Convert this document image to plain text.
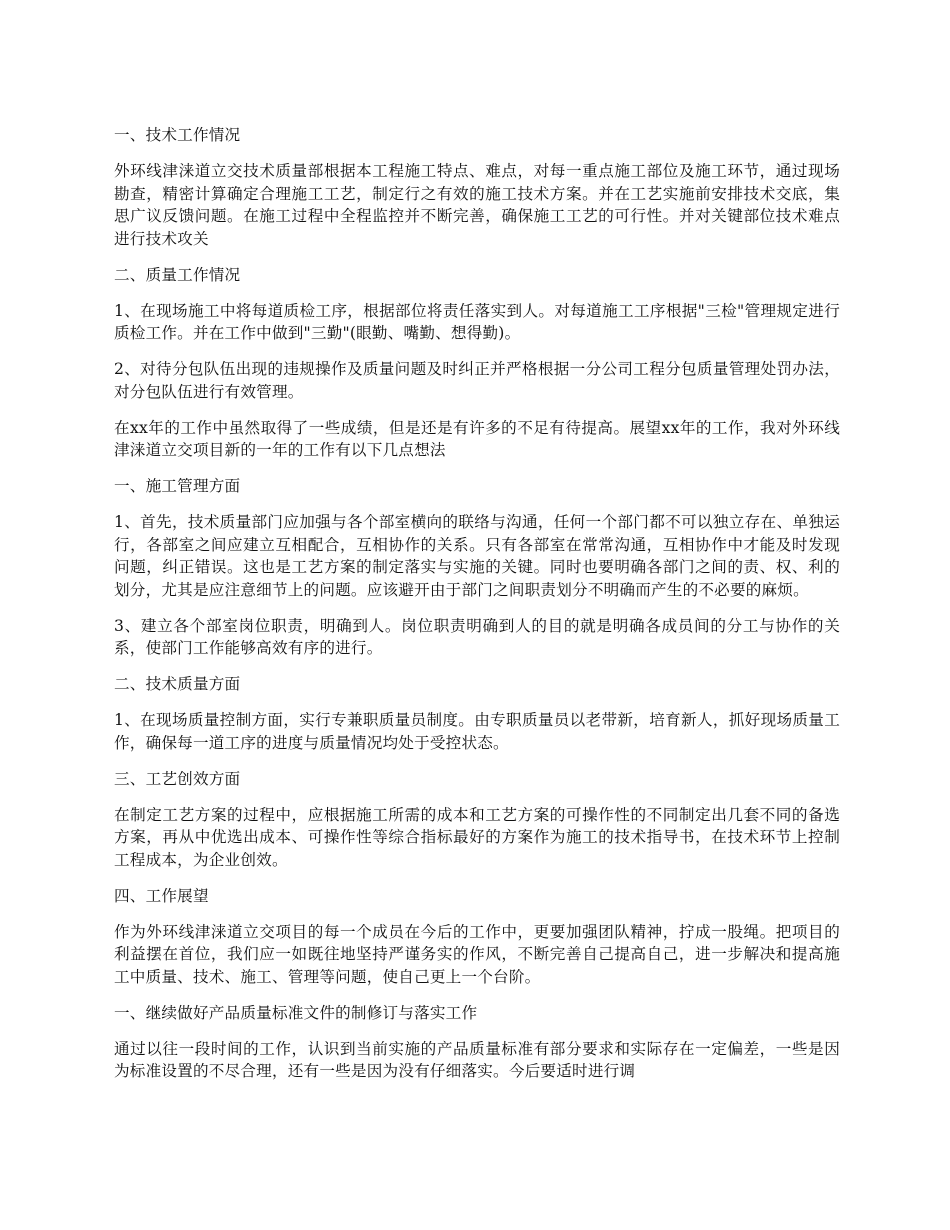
一、技术工作情况

外环线津涞道立交技术质量部根据本工程施工特点、难点，对每一重点施工部位及施工环节，通过现场勘查，精密计算确定合理施工工艺，制定行之有效的施工技术方案。并在工艺实施前安排技术交底，集思广议反馈问题。在施工过程中全程监控并不断完善，确保施工工艺的可行性。并对关键部位技术难点进行技术攻关

二、质量工作情况

1、在现场施工中将每道质检工序，根据部位将责任落实到人。对每道施工工序根据"三检"管理规定进行质检工作。并在工作中做到"三勤"(眼勤、嘴勤、想得勤)。

2、对待分包队伍出现的违规操作及质量问题及时纠正并严格根据一分公司工程分包质量管理处罚办法，对分包队伍进行有效管理。

在xx年的工作中虽然取得了一些成绩，但是还是有许多的不足有待提高。展望xx年的工作，我对外环线津涞道立交项目新的一年的工作有以下几点想法

一、施工管理方面

1、首先，技术质量部门应加强与各个部室横向的联络与沟通，任何一个部门都不可以独立存在、单独运行，各部室之间应建立互相配合，互相协作的关系。只有各部室在常常沟通，互相协作中才能及时发现问题，纠正错误。这也是工艺方案的制定落实与实施的关键。同时也要明确各部门之间的责、权、利的划分，尤其是应注意细节上的问题。应该避开由于部门之间职责划分不明确而产生的不必要的麻烦。

3、建立各个部室岗位职责，明确到人。岗位职责明确到人的目的就是明确各成员间的分工与协作的关系，使部门工作能够高效有序的进行。

二、技术质量方面

1、在现场质量控制方面，实行专兼职质量员制度。由专职质量员以老带新，培育新人，抓好现场质量工作，确保每一道工序的进度与质量情况均处于受控状态。

三、工艺创效方面

在制定工艺方案的过程中，应根据施工所需的成本和工艺方案的可操作性的不同制定出几套不同的备选方案，再从中优选出成本、可操作性等综合指标最好的方案作为施工的技术指导书，在技术环节上控制工程成本，为企业创效。

四、工作展望

作为外环线津涞道立交项目的每一个成员在今后的工作中，更要加强团队精神，拧成一股绳。把项目的利益摆在首位，我们应一如既往地坚持严谨务实的作风，不断完善自己提高自己，进一步解决和提高施工中质量、技术、施工、管理等问题，使自己更上一个台阶。

一、继续做好产品质量标准文件的制修订与落实工作

通过以往一段时间的工作，认识到当前实施的产品质量标准有部分要求和实际存在一定偏差，一些是因为标准设置的不尽合理，还有一些是因为没有仔细落实。今后要适时进行调
